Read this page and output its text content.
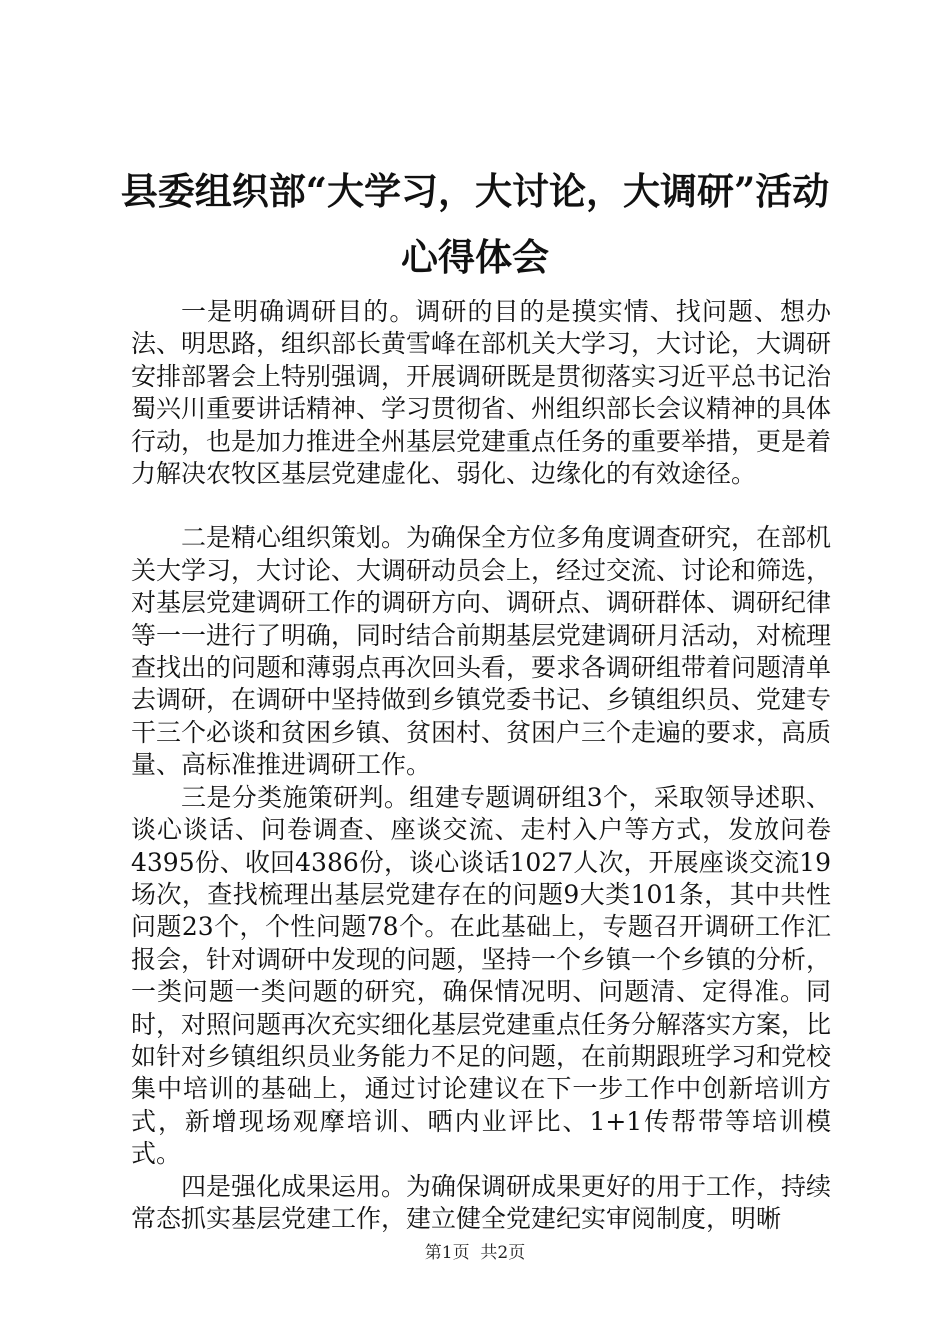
县委组织部“大学习，大讨论，大调研”活动
心得体会

一是明确调研目的。调研的目的是摸实情、找问题、想办法、明思路，组织部长黄雪峰在部机关大学习，大讨论，大调研安排部署会上特别强调，开展调研既是贯彻落实习近平总书记治蜀兴川重要讲话精神、学习贯彻省、州组织部长会议精神的具体行动，也是加力推进全州基层党建重点任务的重要举措，更是着力解决农牧区基层党建虚化、弱化、边缘化的有效途径。

二是精心组织策划。为确保全方位多角度调查研究，在部机关大学习，大讨论、大调研动员会上，经过交流、讨论和筛选，对基层党建调研工作的调研方向、调研点、调研群体、调研纪律等一一进行了明确，同时结合前期基层党建调研月活动，对梳理查找出的问题和薄弱点再次回头看，要求各调研组带着问题清单去调研，在调研中坚持做到乡镇党委书记、乡镇组织员、党建专干三个必谈和贫困乡镇、贫困村、贫困户三个走遍的要求，高质量、高标准推进调研工作。

三是分类施策研判。组建专题调研组3个，采取领导述职、谈心谈话、问卷调查、座谈交流、走村入户等方式，发放问卷4395份、收回4386份，谈心谈话1027人次，开展座谈交流19场次，查找梳理出基层党建存在的问题9大类101条，其中共性问题23个，个性问题78个。在此基础上，专题召开调研工作汇报会，针对调研中发现的问题，坚持一个乡镇一个乡镇的分析，一类问题一类问题的研究，确保情况明、问题清、定得准。同时，对照问题再次充实细化基层党建重点任务分解落实方案，比如针对乡镇组织员业务能力不足的问题，在前期跟班学习和党校集中培训的基础上，通过讨论建议在下一步工作中创新培训方式，新增现场观摩培训、晒内业评比、1+1传帮带等培训模式。

四是强化成果运用。为确保调研成果更好的用于工作，持续常态抓实基层党建工作，建立健全党建纪实审阅制度，明晰

第1页 共2页
